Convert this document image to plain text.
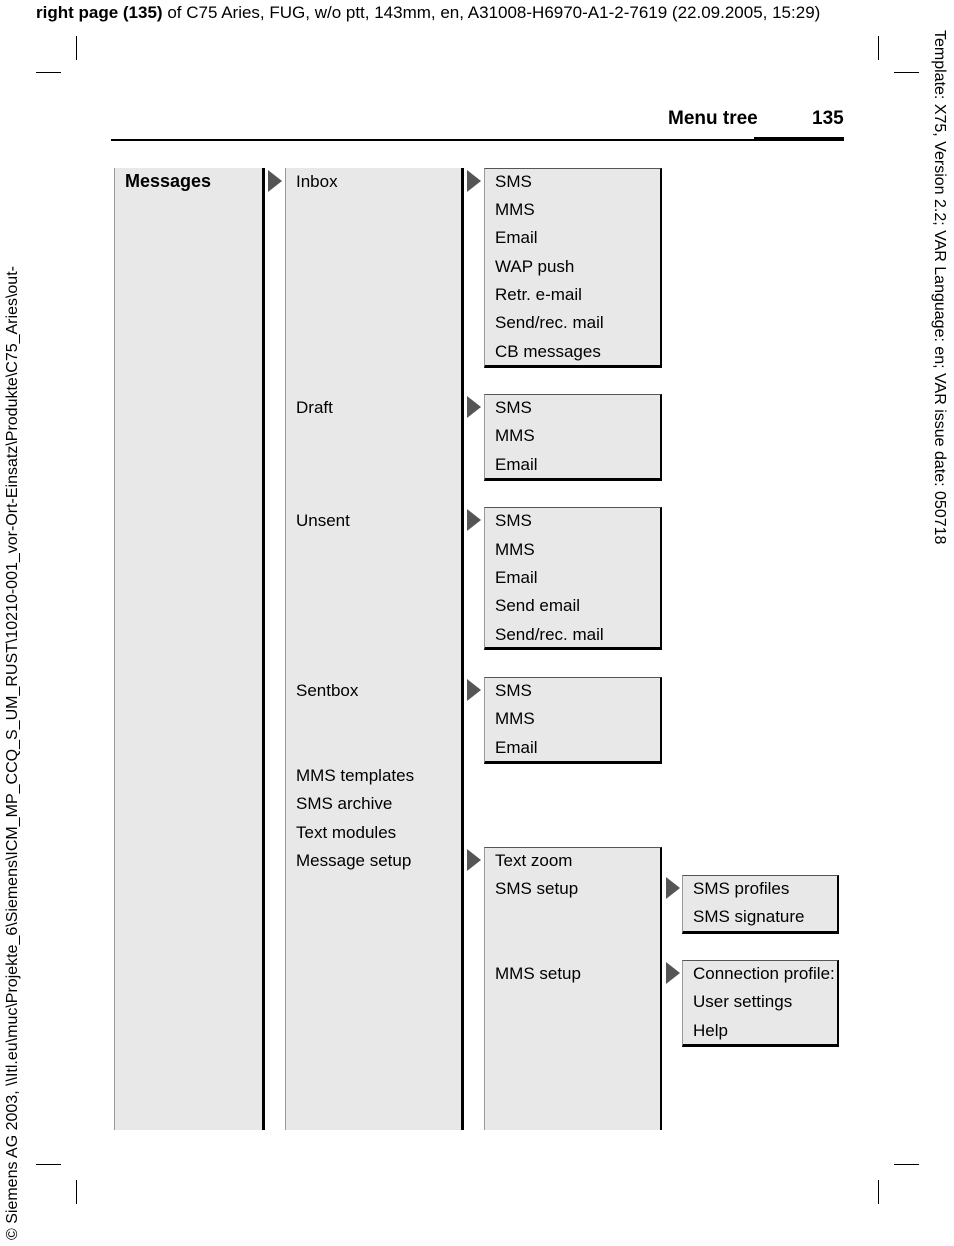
right page (135) of C75 Aries, FUG, w/o ptt, 143mm, en, A31008-H6970-A1-2-7619 (22.09.2005, 15:29)
Template: X75, Version 2.2; VAR Language: en; VAR issue date: 050718
© Siemens AG 2003, \\Itl.eu\muc\Projekte_6\Siemens\ICM_MP_CCQ_S_UM_RUST\10210-001_vor-Ort-Einsatz\Produkte\C75_Aries\out-
Menu tree	135
Messages	Inbox
Draft
Unsent
Sentbox
MMS templates
SMS archive
Text modules
Message setup
SMS
MMS
Email
WAP push
Retr. e-mail
Send/rec. mail
CB messages
SMS
MMS
Email
SMS
MMS
Email
Send email
Send/rec. mail
SMS
MMS
Email
Text zoom
SMS setup
MMS setup
SMS profiles
SMS signature
Connection profile:
User settings
Help
